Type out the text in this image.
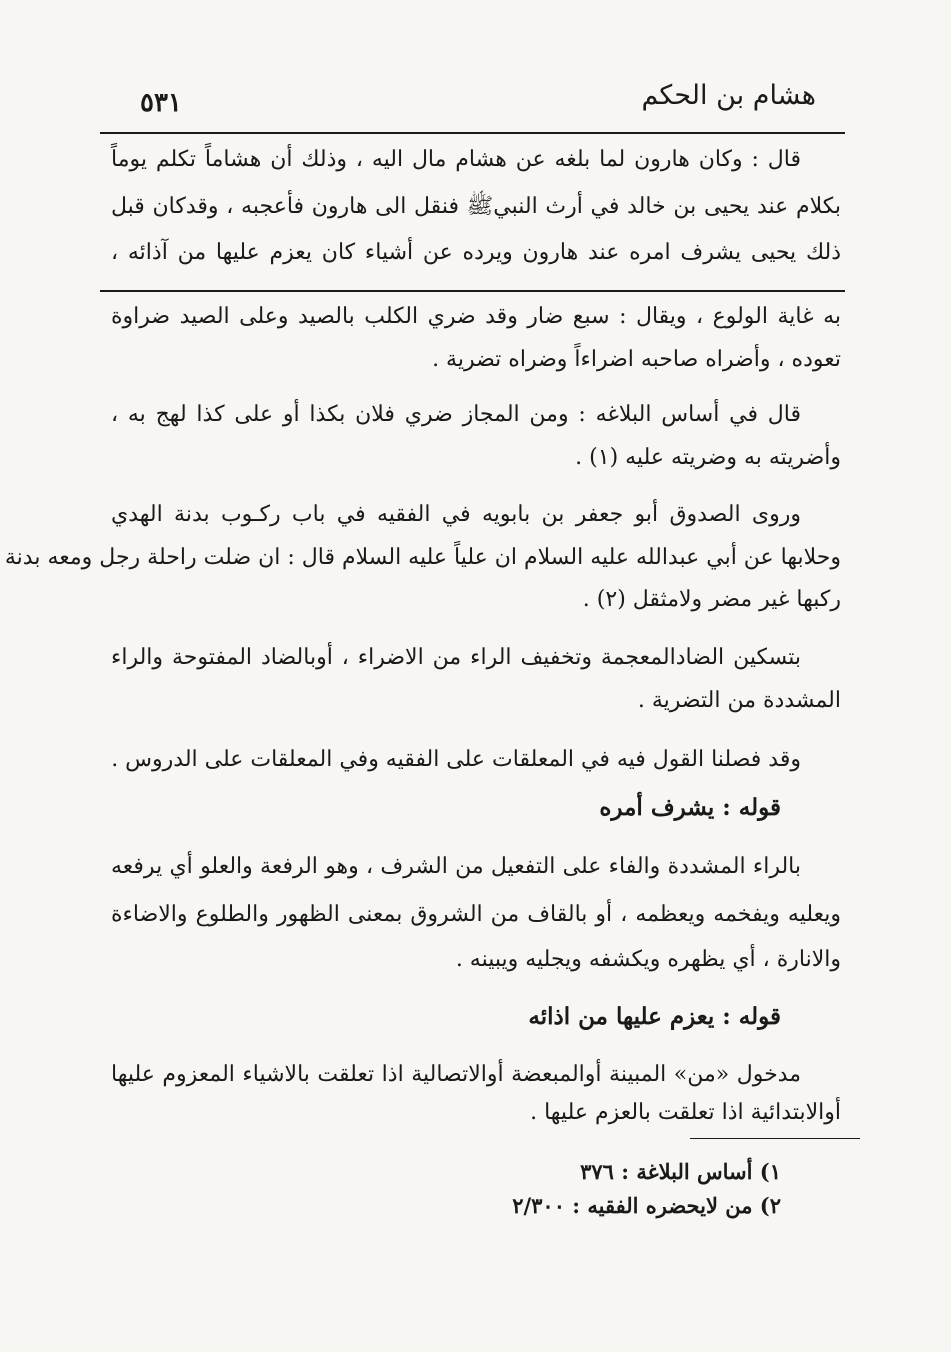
هشام بن الحكم
٥٣١
قال : وكان هارون لما بلغه عن هشام مال اليه ، وذلك أن هشاماً تكلم يوماً
بكلام عند يحيى بن خالد في أرث النبيﷺ فنقل الى هارون فأعجبه ، وقدكان قبل
ذلك يحيى يشرف امره عند هارون ويرده عن أشياء كان يعزم عليها من آذائه ،
به غاية الولوع ، ويقال : سبع ضار وقد ضري الكلب بالصيد وعلى الصيد ضراوة
تعوده ، وأضراه صاحبه اضراءاً وضراه تضرية .
قال في أساس البلاغه : ومن المجاز ضري فلان بكذا أو على كذا لهج به ،
وأضريته به وضريته عليه (١) .
وروى الصدوق أبو جعفر بن بابويه في الفقيه في باب ركـوب بدنة الهدي
وحلابها عن أبي عبدالله عليه السلام ان علياً عليه السلام قال : ان ضلت راحلة رجل ومعه بدنة
ركبها غير مضر ولامثقل (٢) .
بتسكين الضادالمعجمة وتخفيف الراء من الاضراء ، أوبالضاد المفتوحة والراء
المشددة من التضرية .
وقد فصلنا القول فيه في المعلقات على الفقيه وفي المعلقات على الدروس .
قوله : يشرف أمره
بالراء المشددة والفاء على التفعيل من الشرف ، وهو الرفعة والعلو أي يرفعه
ويعليه ويفخمه ويعظمه ، أو بالقاف من الشروق بمعنى الظهور والطلوع والاضاءة
والانارة ، أي يظهره ويكشفه ويجليه ويبينه .
قوله : يعزم عليها من اذائه
مدخول «من» المبينة أوالمبعضة أوالاتصالية اذا تعلقت بالاشياء المعزوم عليها
أوالابتدائية اذا تعلقت بالعزم عليها .
١) أساس البلاغة : ٣٧٦
٢) من لايحضره الفقيه : ٢/٣٠٠
